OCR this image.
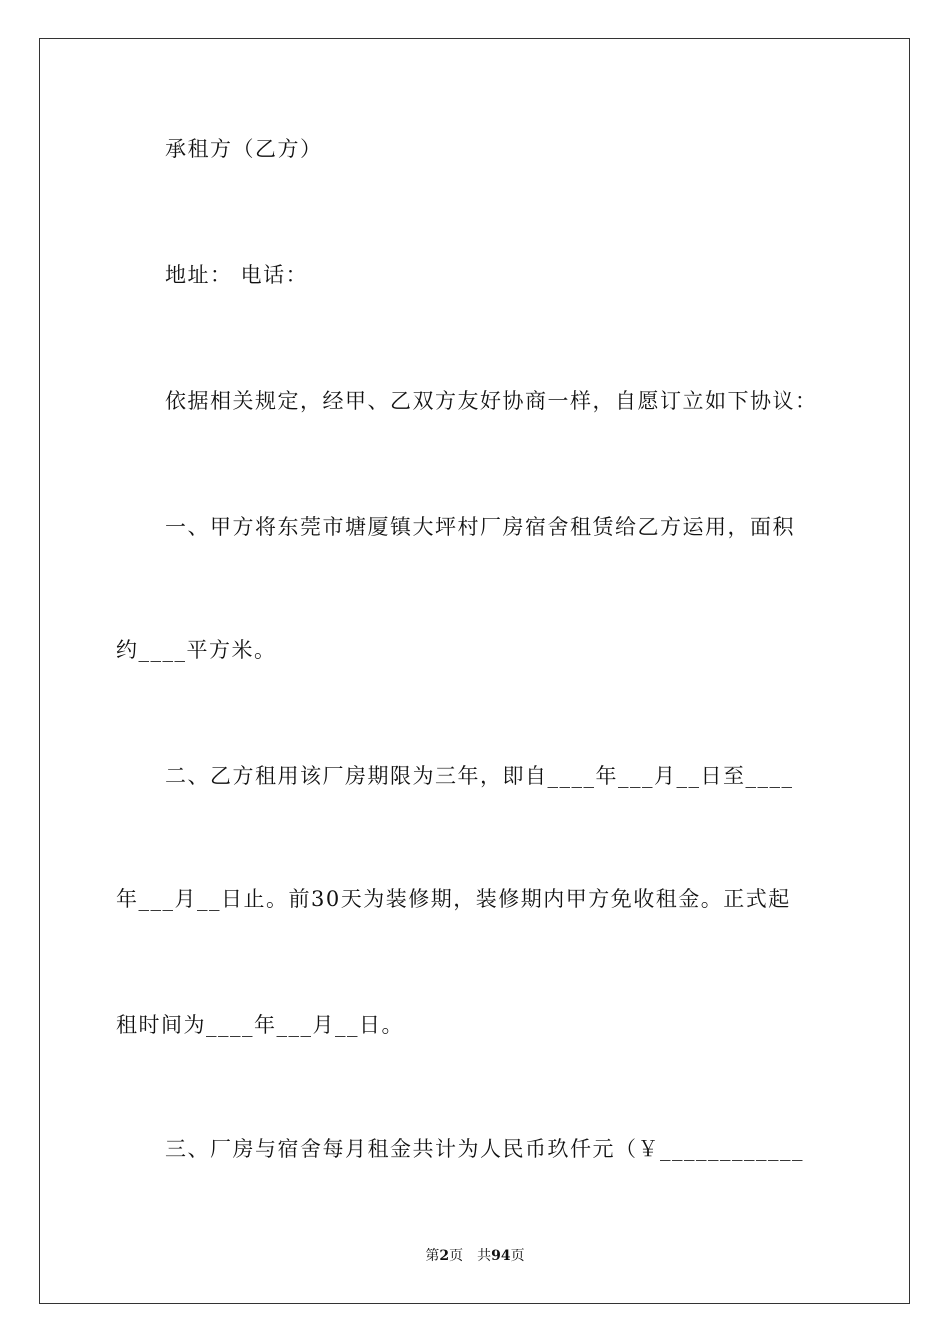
承租方（乙方）
地址： 电话：
依据相关规定，经甲、乙双方友好协商一样，自愿订立如下协议：
一、甲方将东莞市塘厦镇大坪村厂房宿舍租赁给乙方运用，面积
约____平方米。
二、乙方租用该厂房期限为三年，即自____年___月__日至____
年___月__日止。前30天为装修期，装修期内甲方免收租金。正式起
租时间为____年___月__日。
三、厂房与宿舍每月租金共计为人民币玖仟元（￥____________
第2页 共94页
